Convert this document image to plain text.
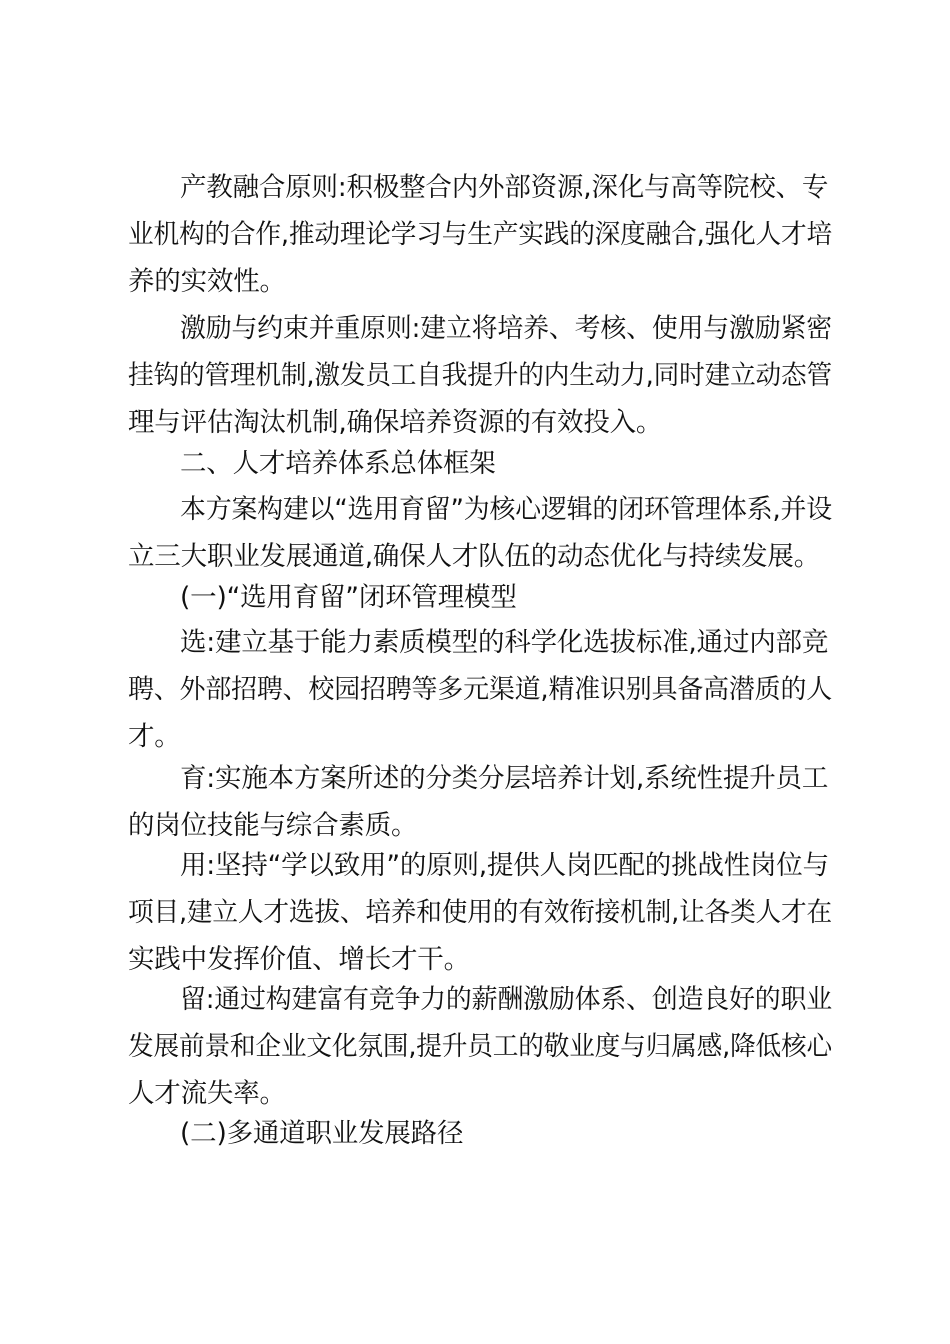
产教融合原则:积极整合内外部资源,深化与高等院校、专
业机构的合作,推动理论学习与生产实践的深度融合,强化人才培
养的实效性。
激励与约束并重原则:建立将培养、考核、使用与激励紧密
挂钩的管理机制,激发员工自我提升的内生动力,同时建立动态管
理与评估淘汰机制,确保培养资源的有效投入。
二、人才培养体系总体框架
本方案构建以“选用育留”为核心逻辑的闭环管理体系,并设
立三大职业发展通道,确保人才队伍的动态优化与持续发展。
(一)“选用育留”闭环管理模型
选:建立基于能力素质模型的科学化选拔标准,通过内部竞
聘、外部招聘、校园招聘等多元渠道,精准识别具备高潜质的人
才。
育:实施本方案所述的分类分层培养计划,系统性提升员工
的岗位技能与综合素质。
用:坚持“学以致用”的原则,提供人岗匹配的挑战性岗位与
项目,建立人才选拔、培养和使用的有效衔接机制,让各类人才在
实践中发挥价值、增长才干。
留:通过构建富有竞争力的薪酬激励体系、创造良好的职业
发展前景和企业文化氛围,提升员工的敬业度与归属感,降低核心
人才流失率。
(二)多通道职业发展路径
